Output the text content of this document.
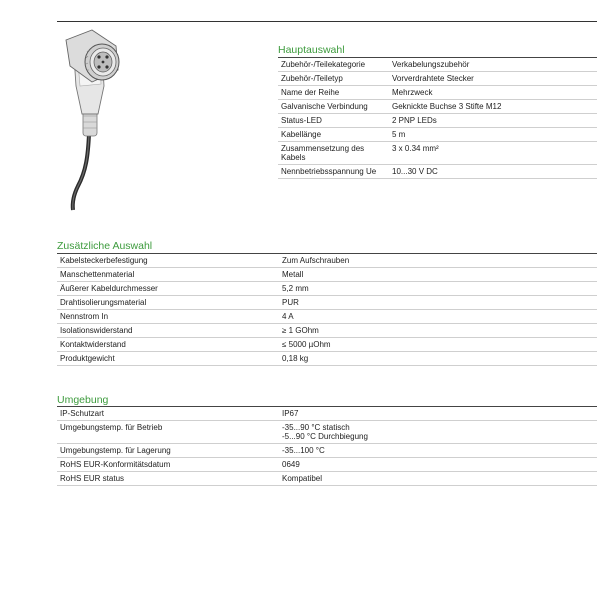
Hauptauswahl
Zubehör-/Teilekategorie	Verkabelungszubehör
Zubehör-/Teiletyp	Vorverdrahtete Stecker
Name der Reihe	Mehrzweck
Galvanische Verbindung	Geknickte Buchse 3 Stifte M12
Status-LED	2 PNP LEDs
Kabellänge	5 m
Zusammensetzung des Kabels	3 x 0.34 mm²
Nennbetriebsspannung Ue	10...30 V DC
Zusätzliche Auswahl
Kabelsteckerbefestigung	Zum Aufschrauben
Manschettenmaterial	Metall
Äußerer Kabeldurchmesser	5,2 mm
Drahtisolierungsmaterial	PUR
Nennstrom In	4 A
Isolationswiderstand	≥ 1 GOhm
Kontaktwiderstand	≤ 5000 µOhm
Produktgewicht	0,18 kg
Umgebung
IP-Schutzart	IP67
Umgebungstemp. für Betrieb	-35...90 °C statisch
-5...90 °C Durchbiegung

Umgebungstemp. für Lagerung	-35...100 °C
RoHS EUR-Konformitätsdatum	0649
RoHS EUR status	Kompatibel
